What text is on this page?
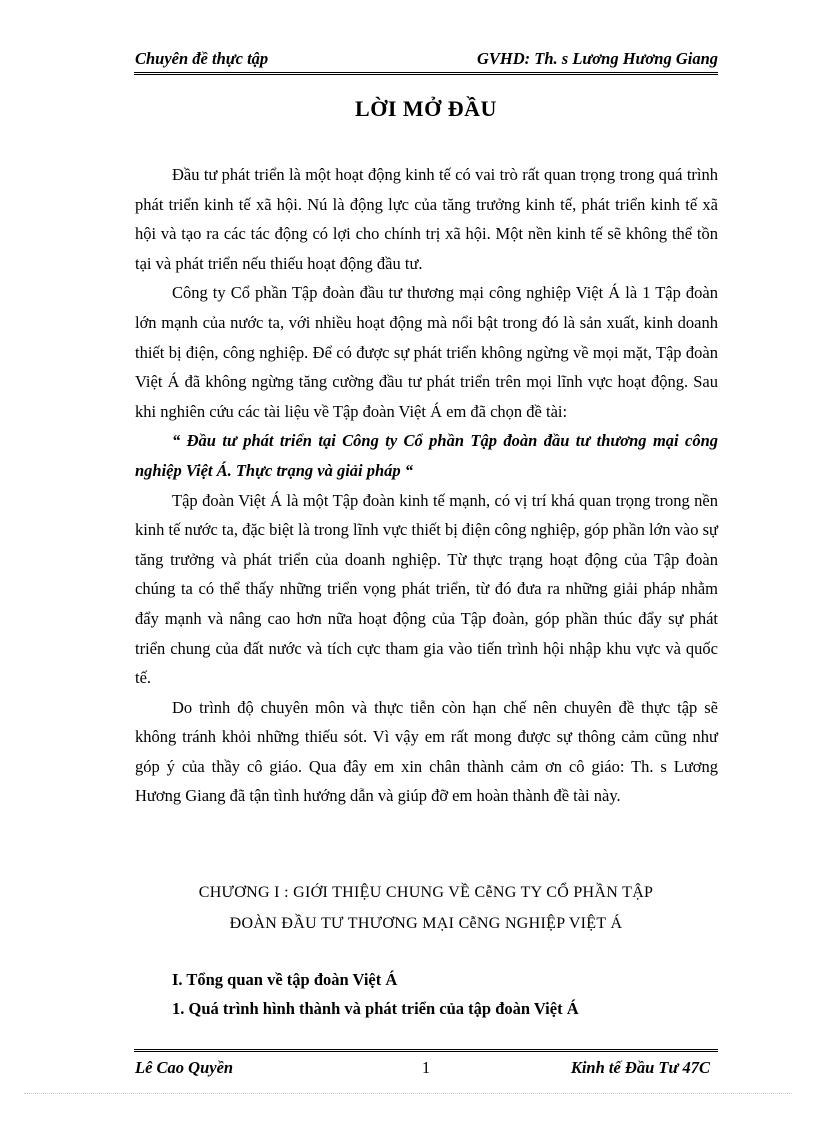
Chuyên đề thực tập	GVHD: Th. s Lương Hương Giang
LỜI MỞ ĐẦU

Đầu tư phát triển là một hoạt động kinh tế có vai trò rất quan trọng trong quá trình phát triển kinh tế xã hội. Nú là động lực của tăng trưởng kinh tế, phát triển kinh tế xã hội và tạo ra các tác động có lợi cho chính trị xã hội. Một nền kinh tế sẽ không thể tồn tại và phát triển nếu thiếu hoạt động đầu tư.

Công ty Cổ phần Tập đoàn đầu tư thương mại công nghiệp Việt Á là 1 Tập đoàn lớn mạnh của nước ta, với nhiều hoạt động mà nổi bật trong đó là sản xuất, kinh doanh thiết bị điện, công nghiệp. Để có được sự phát triển không ngừng về mọi mặt, Tập đoàn Việt Á đã không ngừng tăng cường đầu tư phát triển trên mọi lĩnh vực hoạt động. Sau khi nghiên cứu các tài liệu về Tập đoàn Việt Á em đã chọn đề tài:

“ Đầu tư phát triển tại Công ty Cổ phần Tập đoàn đầu tư thương mại công nghiệp Việt Á. Thực trạng và giải pháp “

Tập đoàn Việt Á là một Tập đoàn kinh tế mạnh, có vị trí khá quan trọng trong nền kinh tế nước ta, đặc biệt là trong lĩnh vực thiết bị điện công nghiệp, góp phần lớn vào sự tăng trưởng và phát triển của doanh nghiệp. Từ thực trạng hoạt động của Tập đoàn chúng ta có thể thấy những triển vọng phát triển, từ đó đưa ra những giải pháp nhằm đẩy mạnh và nâng cao hơn nữa hoạt động của Tập đoàn, góp phần thúc đẩy sự phát triển chung của đất nước và tích cực tham gia vào tiến trình hội nhập khu vực và quốc tế.

Do trình độ chuyên môn và thực tiễn còn hạn chế nên chuyên đề thực tập sẽ không tránh khỏi những thiếu sót. Vì vậy em rất mong được sự thông cảm cũng như góp ý của thầy cô giáo. Qua đây em xin chân thành cảm ơn cô giáo: Th. s Lương Hương Giang đã tận tình hướng dẫn và giúp đỡ em hoàn thành đề tài này.

CHƯƠNG I : GIỚI THIỆU CHUNG VỀ CễNG TY CỔ PHẦN TẬP
ĐOÀN ĐẦU TƯ THƯƠNG MẠI CễNG NGHIỆP VIỆT Á
I. Tổng quan về tập đoàn Việt Á
1. Quá trình hình thành và phát triển của tập đoàn Việt Á
Lê Cao Quyền	1	Kinh tế Đầu Tư 47C
